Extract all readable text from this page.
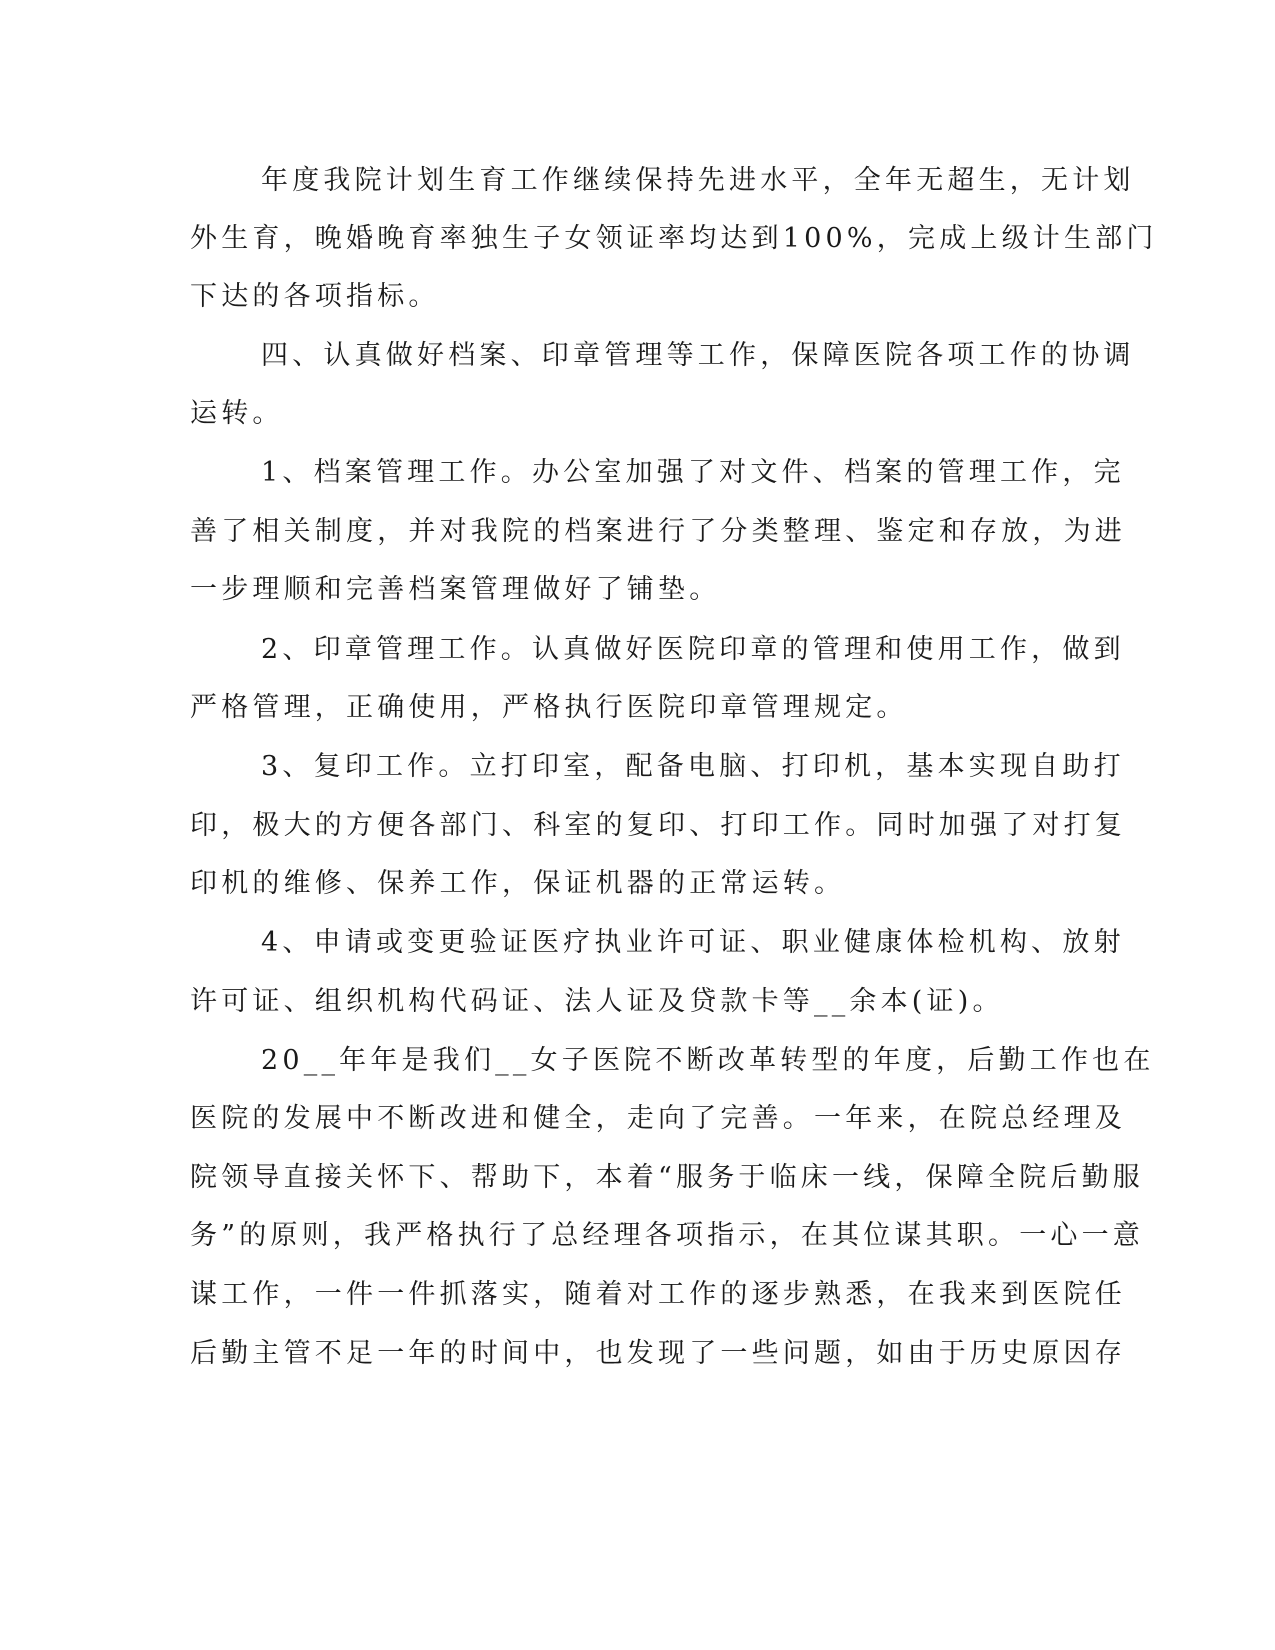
年度我院计划生育工作继续保持先进水平，全年无超生，无计划
外生育，晚婚晚育率独生子女领证率均达到100%，完成上级计生部门
下达的各项指标。
四、认真做好档案、印章管理等工作，保障医院各项工作的协调
运转。
1、档案管理工作。办公室加强了对文件、档案的管理工作，完
善了相关制度，并对我院的档案进行了分类整理、鉴定和存放，为进
一步理顺和完善档案管理做好了铺垫。
2、印章管理工作。认真做好医院印章的管理和使用工作，做到
严格管理，正确使用，严格执行医院印章管理规定。
3、复印工作。立打印室，配备电脑、打印机，基本实现自助打
印，极大的方便各部门、科室的复印、打印工作。同时加强了对打复
印机的维修、保养工作，保证机器的正常运转。
4、申请或变更验证医疗执业许可证、职业健康体检机构、放射
许可证、组织机构代码证、法人证及贷款卡等__余本(证)。
20__年年是我们__女子医院不断改革转型的年度，后勤工作也在
医院的发展中不断改进和健全，走向了完善。一年来，在院总经理及
院领导直接关怀下、帮助下，本着“服务于临床一线，保障全院后勤服
务”的原则，我严格执行了总经理各项指示，在其位谋其职。一心一意
谋工作，一件一件抓落实，随着对工作的逐步熟悉，在我来到医院任
后勤主管不足一年的时间中，也发现了一些问题，如由于历史原因存
